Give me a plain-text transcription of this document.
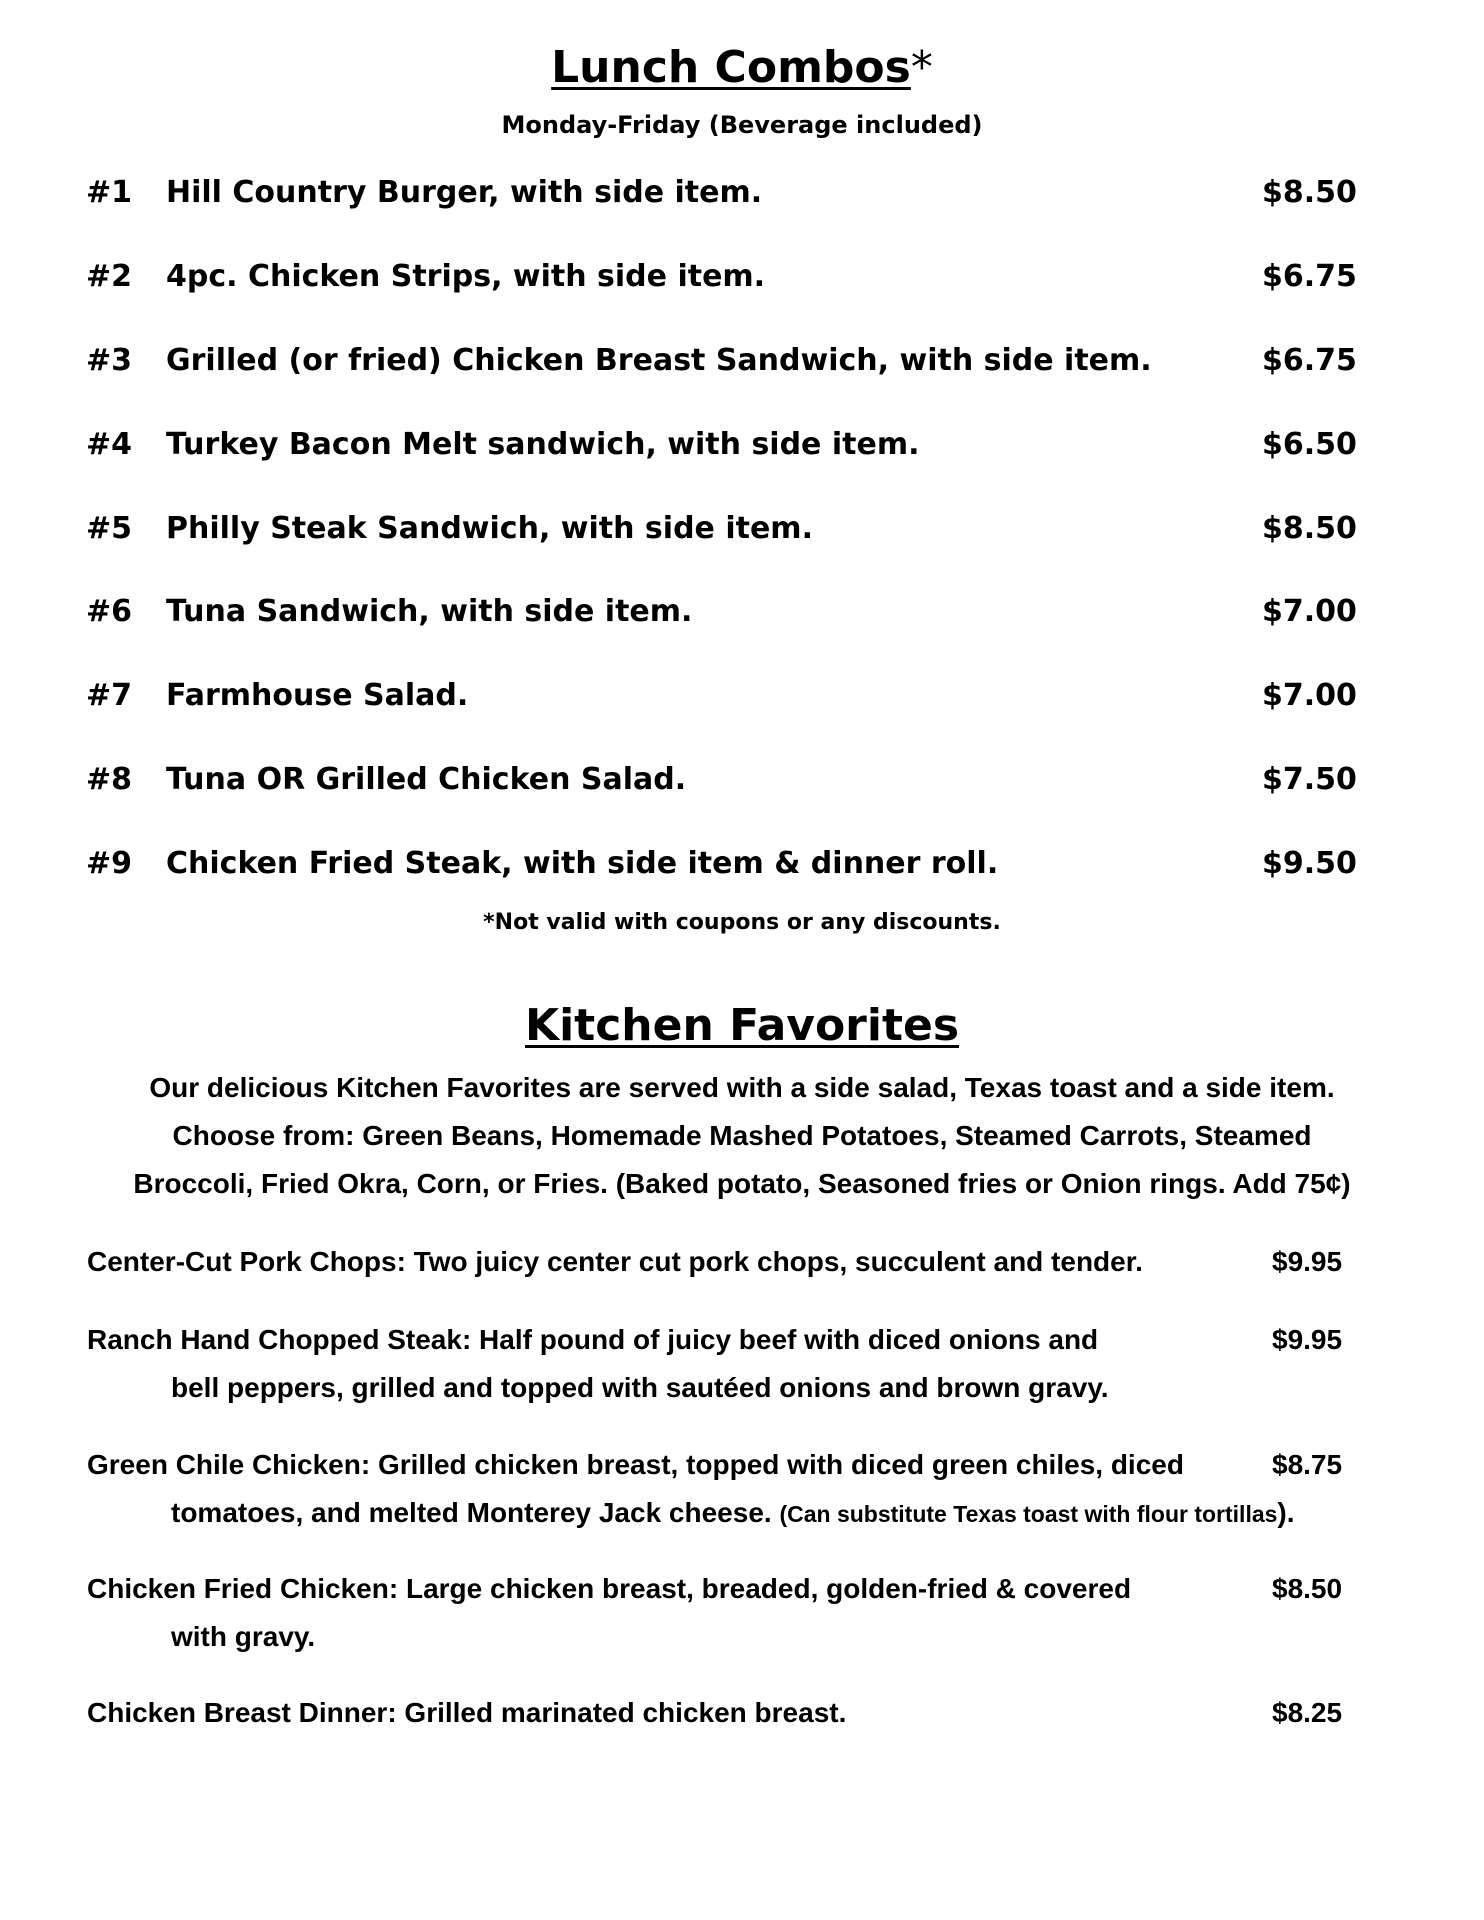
Lunch Combos*
Monday-Friday (Beverage included)
#1 Hill Country Burger, with side item.	$8.50
#2 4pc. Chicken Strips, with side item.	$6.75
#3 Grilled (or fried) Chicken Breast Sandwich, with side item.	$6.75
#4 Turkey Bacon Melt sandwich, with side item.	$6.50
#5 Philly Steak Sandwich, with side item.	$8.50
#6 Tuna Sandwich, with side item.	$7.00
#7 Farmhouse Salad.	$7.00
#8 Tuna OR Grilled Chicken Salad.	$7.50
#9 Chicken Fried Steak, with side item & dinner roll.	$9.50
*Not valid with coupons or any discounts.
Kitchen Favorites
Our delicious Kitchen Favorites are served with a side salad, Texas toast and a side item.
Choose from: Green Beans, Homemade Mashed Potatoes, Steamed Carrots, Steamed
Broccoli, Fried Okra, Corn, or Fries. (Baked potato, Seasoned fries or Onion rings. Add 75¢)
Center-Cut Pork Chops: Two juicy center cut pork chops, succulent and tender.	$9.95
Ranch Hand Chopped Steak: Half pound of juicy beef with diced onions and	$9.95
bell peppers, grilled and topped with sautéed onions and brown gravy.
Green Chile Chicken: Grilled chicken breast, topped with diced green chiles, diced	$8.75
tomatoes, and melted Monterey Jack cheese. (Can substitute Texas toast with flour tortillas).
Chicken Fried Chicken: Large chicken breast, breaded, golden-fried & covered	$8.50
with gravy.
Chicken Breast Dinner: Grilled marinated chicken breast.	$8.25
